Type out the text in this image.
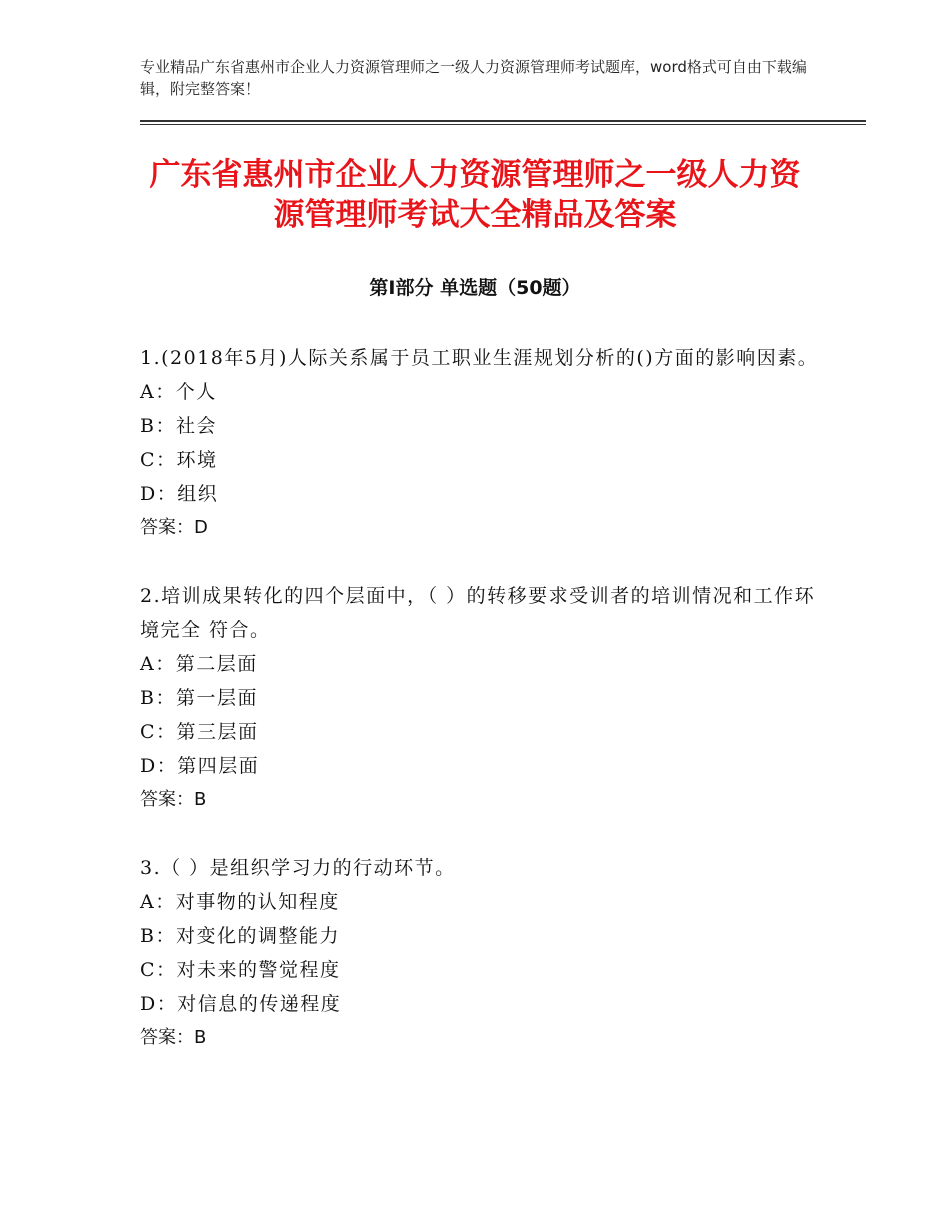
专业精品广东省惠州市企业人力资源管理师之一级人力资源管理师考试题库，word格式可自由下载编辑，附完整答案！
广东省惠州市企业人力资源管理师之一级人力资源管理师考试大全精品及答案
第Ⅰ部分 单选题（50题）

1.(2018年5月)人际关系属于员工职业生涯规划分析的()方面的影响因素。

A：个人

B：社会

C：环境

D：组织

答案：D

2.培训成果转化的四个层面中，（ ）的转移要求受训者的培训情况和工作环境完全 符合。

A：第二层面

B：第一层面

C：第三层面

D：第四层面

答案：B

3.（ ）是组织学习力的行动环节。

A：对事物的认知程度

B：对变化的调整能力

C：对未来的警觉程度

D：对信息的传递程度

答案：B
